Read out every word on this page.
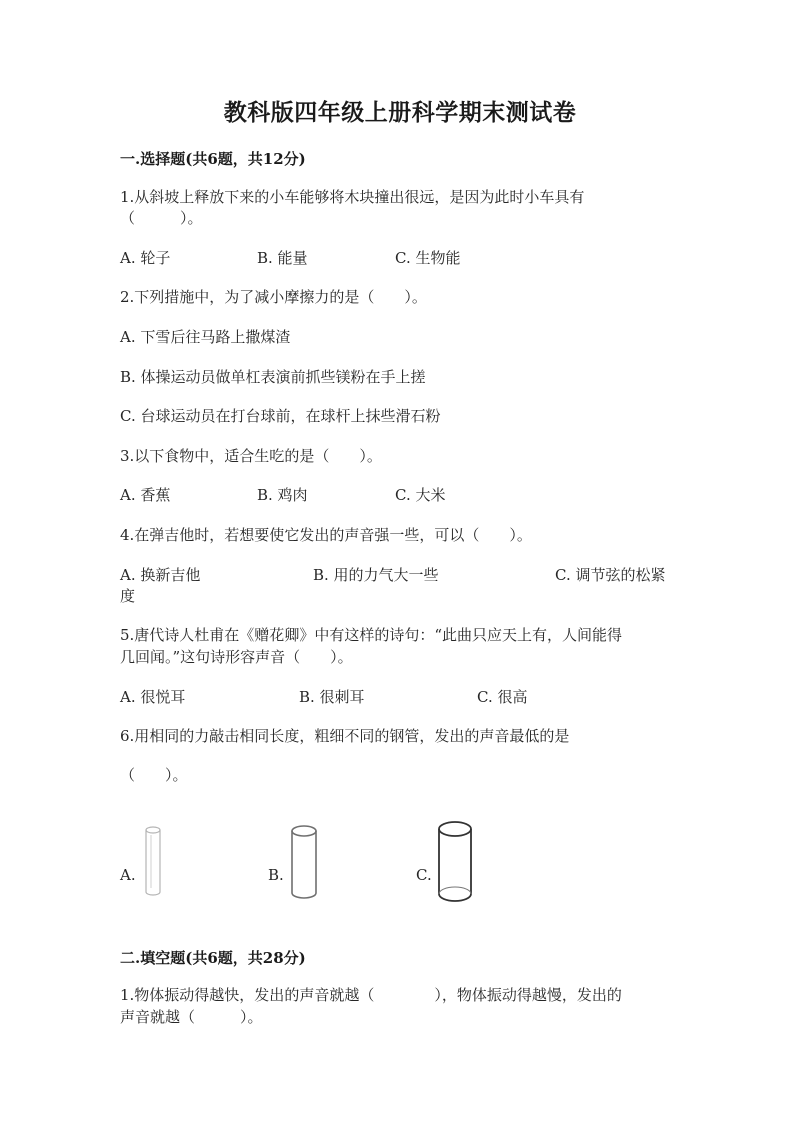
教科版四年级上册科学期末测试卷
一.选择题(共6题，共12分)
1.从斜坡上释放下来的小车能够将木块撞出很远，是因为此时小车具有
（　　　）。
A. 轮子	B. 能量	C. 生物能
2.下列措施中，为了减小摩擦力的是（　　）。
A. 下雪后往马路上撒煤渣
B. 体操运动员做单杠表演前抓些镁粉在手上搓
C. 台球运动员在打台球前，在球杆上抹些滑石粉
3.以下食物中，适合生吃的是（　　）。
A. 香蕉	B. 鸡肉	C. 大米
4.在弹吉他时，若想要使它发出的声音强一些，可以（　　）。
A. 换新吉他	B. 用的力气大一些	C. 调节弦的松紧
度
5.唐代诗人杜甫在《赠花卿》中有这样的诗句：“此曲只应天上有，人间能得
几回闻。”这句诗形容声音（　　）。
A. 很悦耳	B. 很刺耳	C. 很高
6.用相同的力敲击相同长度，粗细不同的钢管，发出的声音最低的是
（　　）。
A.	B.	C.
二.填空题(共6题，共28分)
1.物体振动得越快，发出的声音就越（　　　　），物体振动得越慢，发出的
声音就越（　　　）。
